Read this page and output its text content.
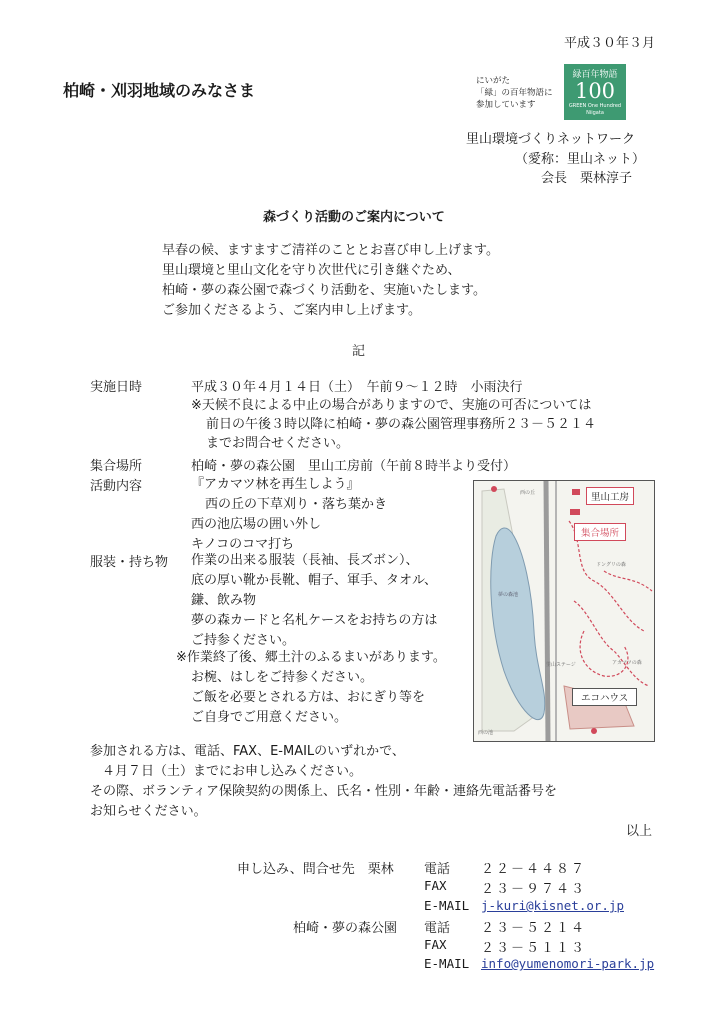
平成３０年３月
柏崎・刈羽地域のみなさま	にいがた
「緑」の百年物語に
参加しています
緑百年物語
100
GREEN One Hundred
Niigata
里山環境づくりネットワーク
（愛称：里山ネット）
会長　栗林淳子
森づくり活動のご案内について
早春の候、ますますご清祥のこととお喜び申し上げます。
里山環境と里山文化を守り次世代に引き継ぐため、
柏崎・夢の森公園で森づくり活動を、実施いたします。
ご参加くださるよう、ご案内申し上げます。
記
実施日時	平成３０年４月１４日（土）　午前９～１２時　小雨決行
※天候不良による中止の場合がありますので、実施の可否については
前日の午後３時以降に柏崎・夢の森公園管理事務所２３－５２１４
までお問合せください。
集合場所	柏崎・夢の森公園　里山工房前（午前８時半より受付）
活動内容	『アカマツ林を再生しよう』
西の丘の下草刈り・落ち葉かき
西の池広場の囲い外し
キノコのコマ打ち
服装・持ち物 作業の出来る服装（長袖、長ズボン）、
底の厚い靴か長靴、帽子、軍手、タオル、
鎌、飲み物
夢の森カードと名札ケースをお持ちの方は
ご持参ください。
※作業終了後、郷土汁のふるまいがあります。
お椀、はしをご持参ください。
ご飯を必要とされる方は、おにぎり等を
ご自身でご用意ください。
里山工房
集合場所
エコハウス
西の丘
夢の森池
里山ステージ
ドングリの森
アカマツの森
西の池
参加される方は、電話、FAX、E-MAILのいずれかで、
４月７日（土）までにお申し込みください。
その際、ボランティア保険契約の関係上、氏名・性別・年齢・連絡先電話番号を
お知らせください。
以上
申し込み、問合せ先　栗林 電話 ２２－４４８７
FAX	２３－９７４３
E-MAIL j-kuri@kisnet.or.jp
柏崎・夢の森公園 電話 ２３－５２１４
FAX	２３－５１１３
E-MAIL info@yumenomori-park.jp
